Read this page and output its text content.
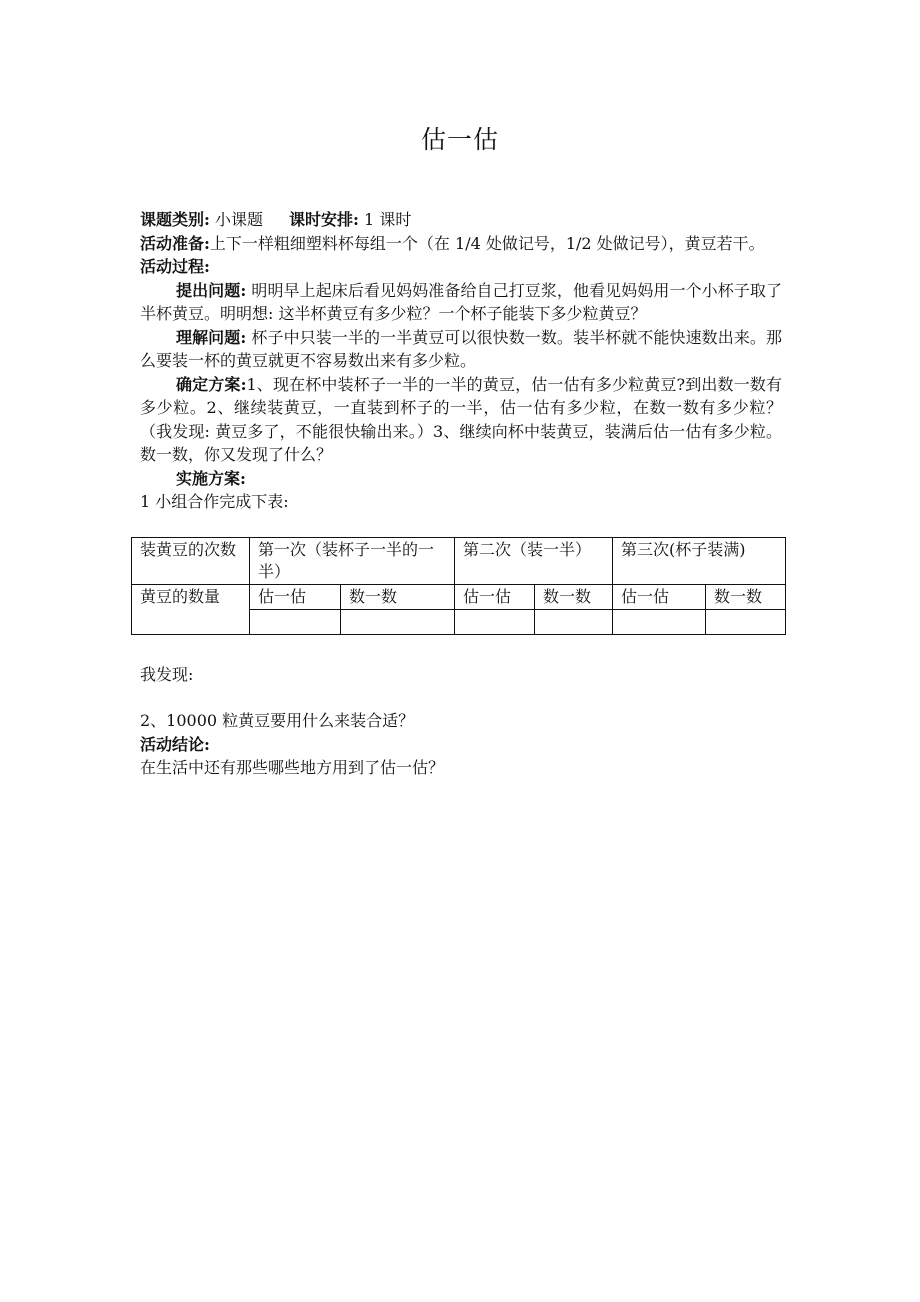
估一估

课题类别: 小课题 课时安排: 1 课时

活动准备:上下一样粗细塑料杯每组一个（在 1/4 处做记号，1/2 处做记号），黄豆若干。

活动过程:

提出问题: 明明早上起床后看见妈妈准备给自己打豆浆，他看见妈妈用一个小杯子取了半杯黄豆。明明想: 这半杯黄豆有多少粒？一个杯子能装下多少粒黄豆？

理解问题: 杯子中只装一半的一半黄豆可以很快数一数。装半杯就不能快速数出来。那么要装一杯的黄豆就更不容易数出来有多少粒。

确定方案:1、现在杯中装杯子一半的一半的黄豆，估一估有多少粒黄豆?到出数一数有多少粒。2、继续装黄豆，一直装到杯子的一半，估一估有多少粒，在数一数有多少粒？（我发现: 黄豆多了，不能很快输出来。）3、继续向杯中装黄豆，装满后估一估有多少粒。数一数，你又发现了什么？

实施方案:

1 小组合作完成下表:

装黄豆的次数	第一次（装杯子一半的一半）		第二次（装一半）		第三次(杯子装满)	
黄豆的数量	估一估	数一数	估一估	数一数	估一估	数一数

我发现:

2、10000 粒黄豆要用什么来装合适？

活动结论:

在生活中还有那些哪些地方用到了估一估？
